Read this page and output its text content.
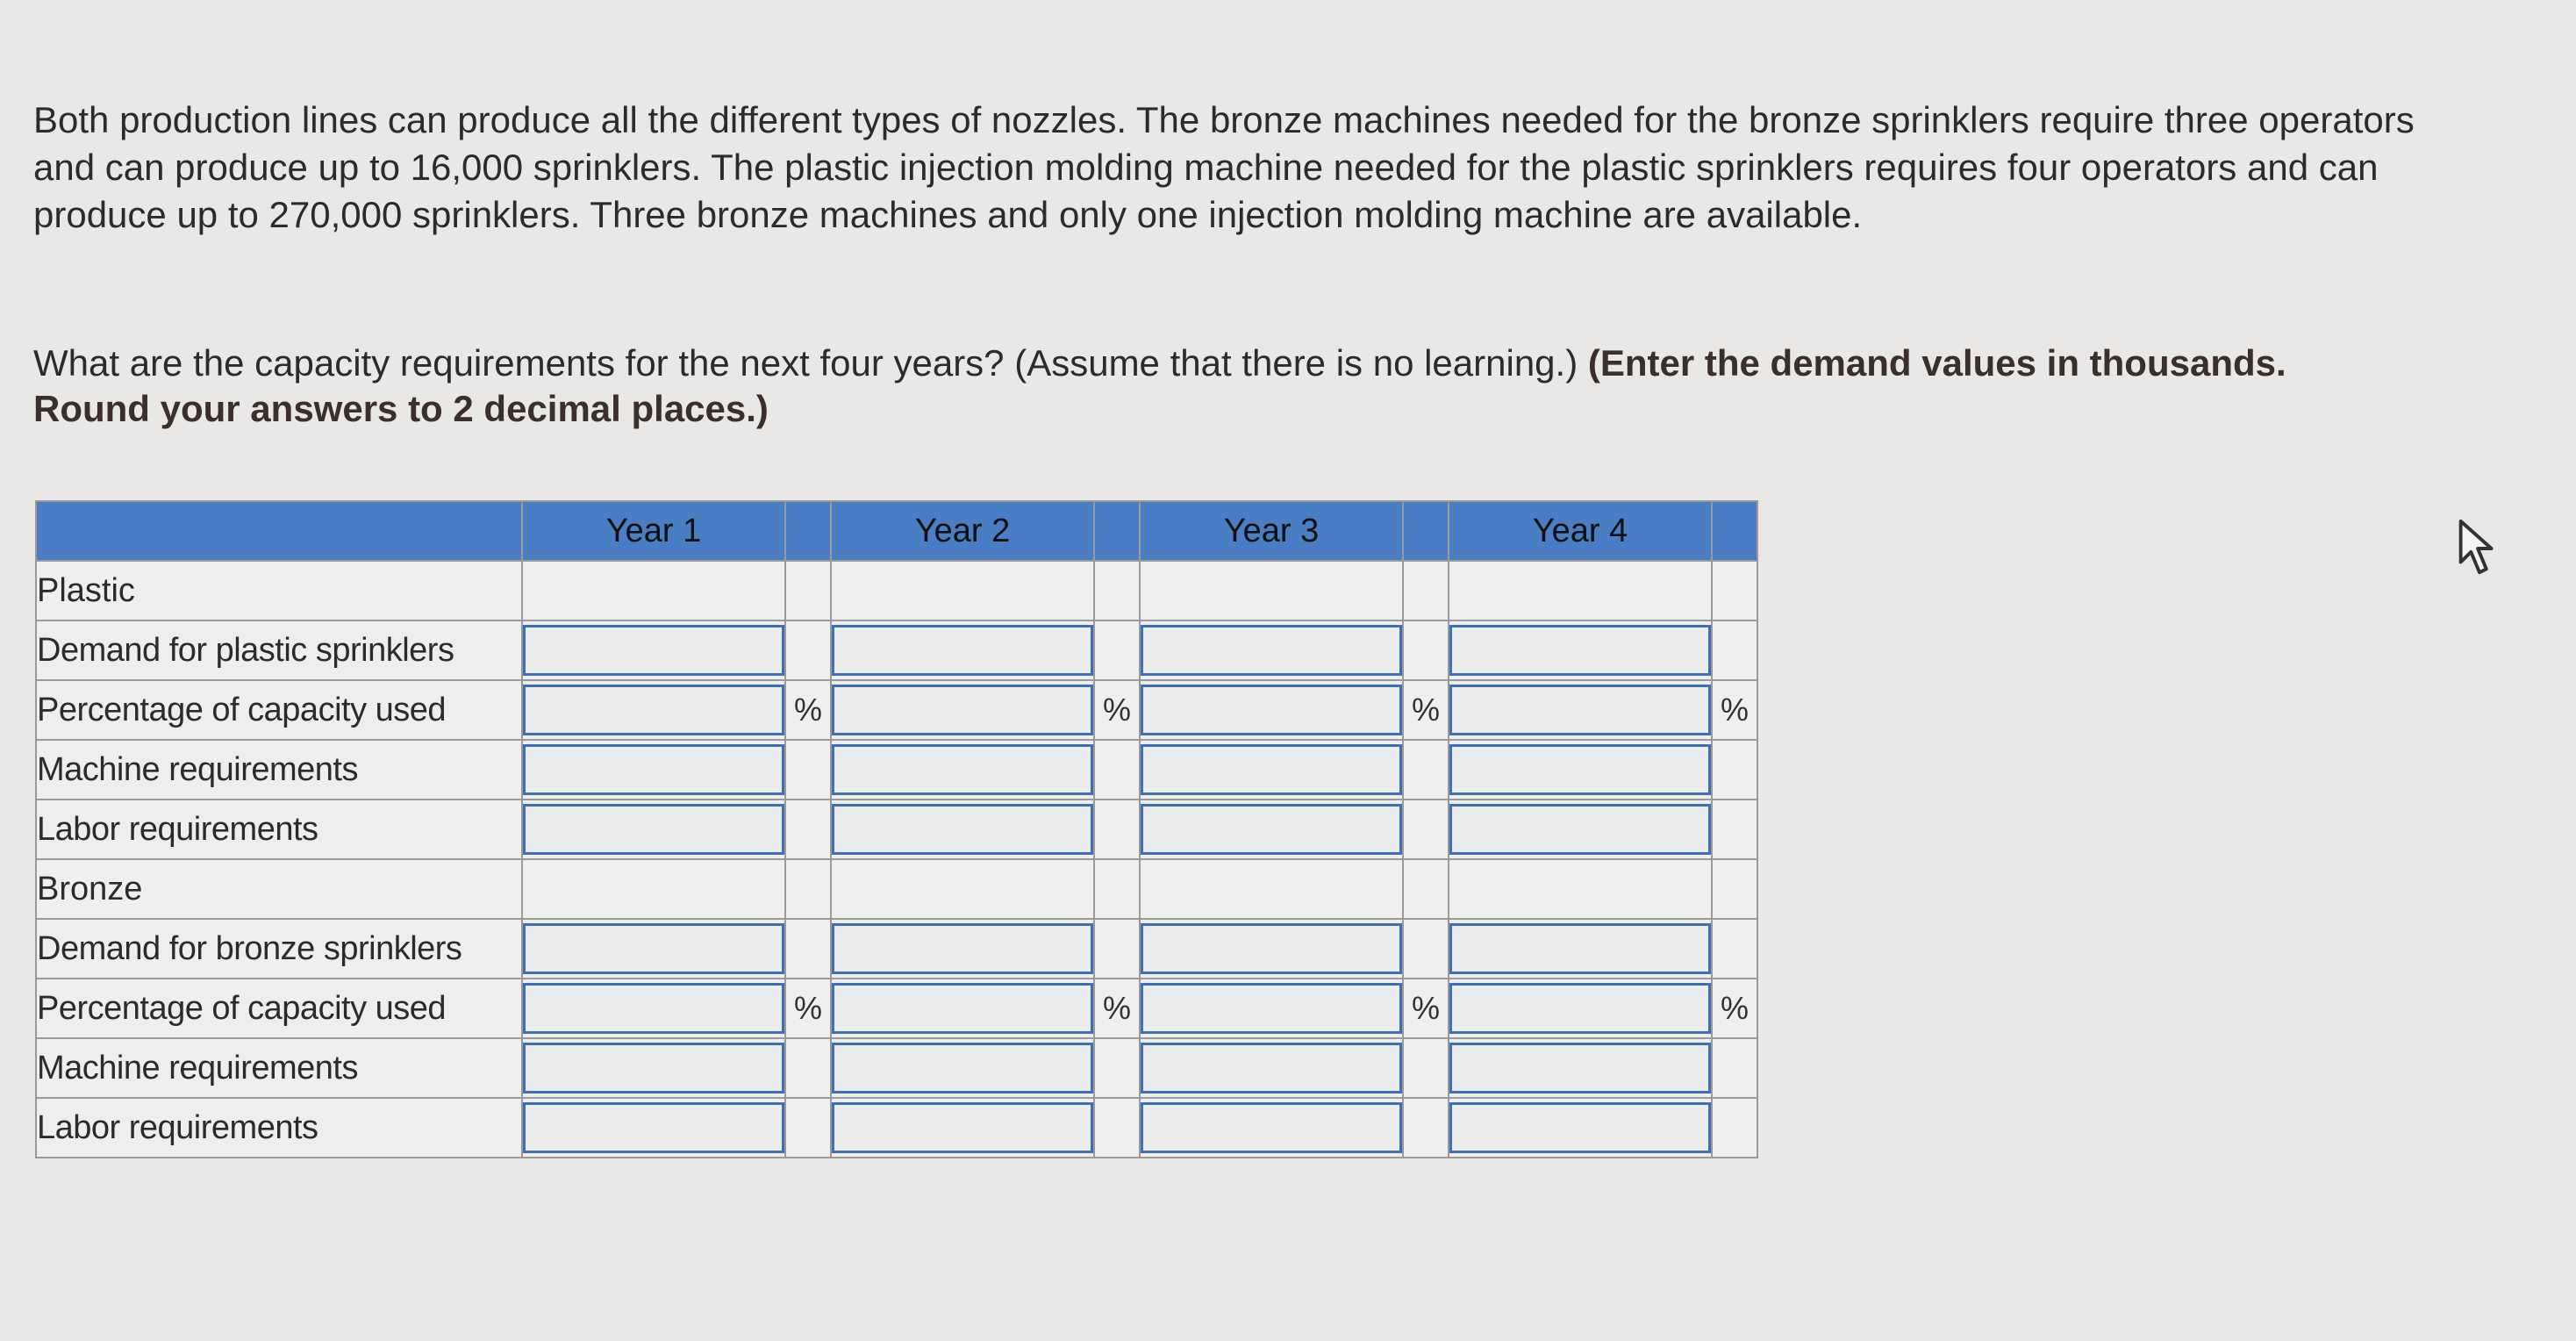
Both production lines can produce all the different types of nozzles. The bronze machines needed for the bronze sprinklers require three operators and can produce up to 16,000 sprinklers. The plastic injection molding machine needed for the plastic sprinklers requires four operators and can produce up to 270,000 sprinklers. Three bronze machines and only one injection molding machine are available.

What are the capacity requirements for the next four years? (Assume that there is no learning.) (Enter the demand values in thousands. Round your answers to 2 decimal places.)

	Year 1		Year 2		Year 3		Year 4	
Plastic								
Demand for plastic sprinklers								
Percentage of capacity used		%		%		%		%
Machine requirements								
Labor requirements								
Bronze								
Demand for bronze sprinklers								
Percentage of capacity used		%		%		%		%
Machine requirements								
Labor requirements								
